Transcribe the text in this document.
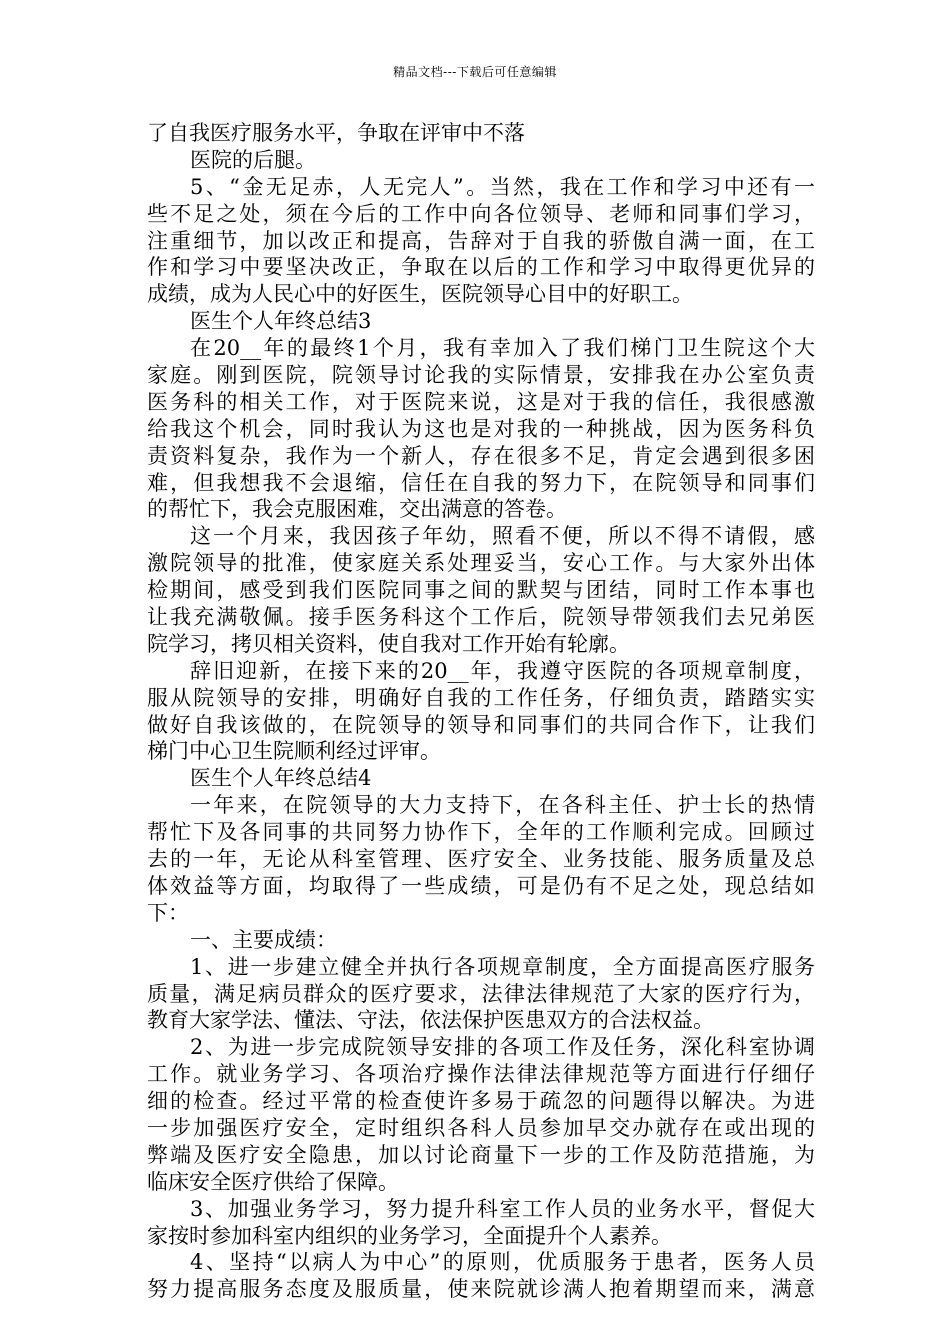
精品文档---下载后可任意编辑
了自我医疗服务水平，争取在评审中不落
医院的后腿。
5、“金无足赤，人无完人”。当然，我在工作和学习中还有一
些不足之处，须在今后的工作中向各位领导、老师和同事们学习，
注重细节，加以改正和提高，告辞对于自我的骄傲自满一面，在工
作和学习中要坚决改正，争取在以后的工作和学习中取得更优异的
成绩，成为人民心中的好医生，医院领导心目中的好职工。
医生个人年终总结3
在20__年的最终1个月，我有幸加入了我们梯门卫生院这个大
家庭。刚到医院，院领导讨论我的实际情景，安排我在办公室负责
医务科的相关工作，对于医院来说，这是对于我的信任，我很感激
给我这个机会，同时我认为这也是对我的一种挑战，因为医务科负
责资料复杂，我作为一个新人，存在很多不足，肯定会遇到很多困
难，但我想我不会退缩，信任在自我的努力下，在院领导和同事们
的帮忙下，我会克服困难，交出满意的答卷。
这一个月来，我因孩子年幼，照看不便，所以不得不请假，感
激院领导的批准，使家庭关系处理妥当，安心工作。与大家外出体
检期间，感受到我们医院同事之间的默契与团结，同时工作本事也
让我充满敬佩。接手医务科这个工作后，院领导带领我们去兄弟医
院学习，拷贝相关资料，使自我对工作开始有轮廓。
辞旧迎新，在接下来的20__年，我遵守医院的各项规章制度，
服从院领导的安排，明确好自我的工作任务，仔细负责，踏踏实实
做好自我该做的，在院领导的领导和同事们的共同合作下，让我们
梯门中心卫生院顺利经过评审。
医生个人年终总结4
一年来，在院领导的大力支持下，在各科主任、护士长的热情
帮忙下及各同事的共同努力协作下，全年的工作顺利完成。回顾过
去的一年，无论从科室管理、医疗安全、业务技能、服务质量及总
体效益等方面，均取得了一些成绩，可是仍有不足之处，现总结如
下：
一、主要成绩：
1、进一步建立健全并执行各项规章制度，全方面提高医疗服务
质量，满足病员群众的医疗要求，法律法律规范了大家的医疗行为，
教育大家学法、懂法、守法，依法保护医患双方的合法权益。
2、为进一步完成院领导安排的各项工作及任务，深化科室协调
工作。就业务学习、各项治疗操作法律法律规范等方面进行仔细仔
细的检查。经过平常的检查使许多易于疏忽的问题得以解决。为进
一步加强医疗安全，定时组织各科人员参加早交办就存在或出现的
弊端及医疗安全隐患，加以讨论商量下一步的工作及防范措施，为
临床安全医疗供给了保障。
3、加强业务学习，努力提升科室工作人员的业务水平，督促大
家按时参加科室内组织的业务学习，全面提升个人素养。
4、坚持“以病人为中心”的原则，优质服务于患者，医务人员
努力提高服务态度及服质量，使来院就诊满人抱着期望而来，满意
